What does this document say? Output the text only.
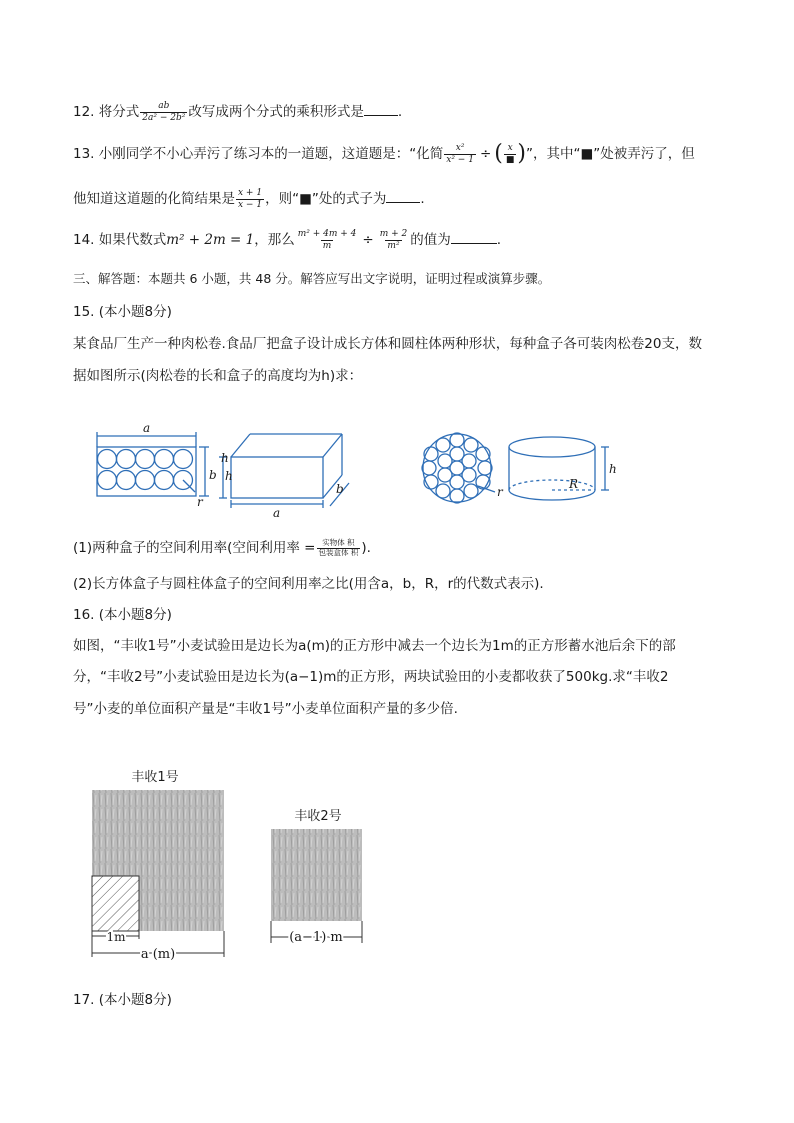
12. 将分式 $\frac{ab}{\text{2a² − 2b²}}$ 改写成两个分式的乘积形式是	.
13. 小刚同学不小心弄污了练习本的一道题，这道题是：“化简 $\frac{\text{x²}}{\text{x² − 1}}$ ÷ ( $\frac{x}{■}$ )”，其中“■”处被弄污了，但
他知道这道题的化简结果是 $\frac{x + 1}{x - 1}$ ，则“■”处的式子为	.
14. 如果代数式m² + 2m = 1，那么 $\frac{\text{m² + 4m + 4}}{m} \div \frac{m + 2}{\text{m²}}$ 的值为	.
三、解答题：本题共 6 小题，共 48 分。解答应写出文字说明，证明过程或演算步骤。
15. (本小题8分)
某食品厂生产一种肉松卷.食品厂把盒子设计成长方体和圆柱体两种形状，每种盒子各可装肉松卷20支，数
据如图所示(肉松卷的长和盒子的高度均为h)求：
a
h
b
r
h
a
b	r
R
h
(1)两种盒子的空间利用率(空间利用率 = $\frac{\text{实物体 积}}{\text{包装盒体 积}}$ ).
(2)长方体盒子与圆柱体盒子的空间利用率之比(用含a，b，R，r的代数式表示).
16. (本小题8分)
如图，“丰收1号”小麦试验田是边长为a(m)的正方形中减去一个边长为1m的正方形蓄水池后余下的部
分，“丰收2号”小麦试验田是边长为(a−1)m的正方形，两块试验田的小麦都收获了500kg.求“丰收2
号”小麦的单位面积产量是“丰收1号”小麦单位面积产量的多少倍.
丰收1号
1m
a (m)
丰收2号
(a−1) m
17. (本小题8分)
